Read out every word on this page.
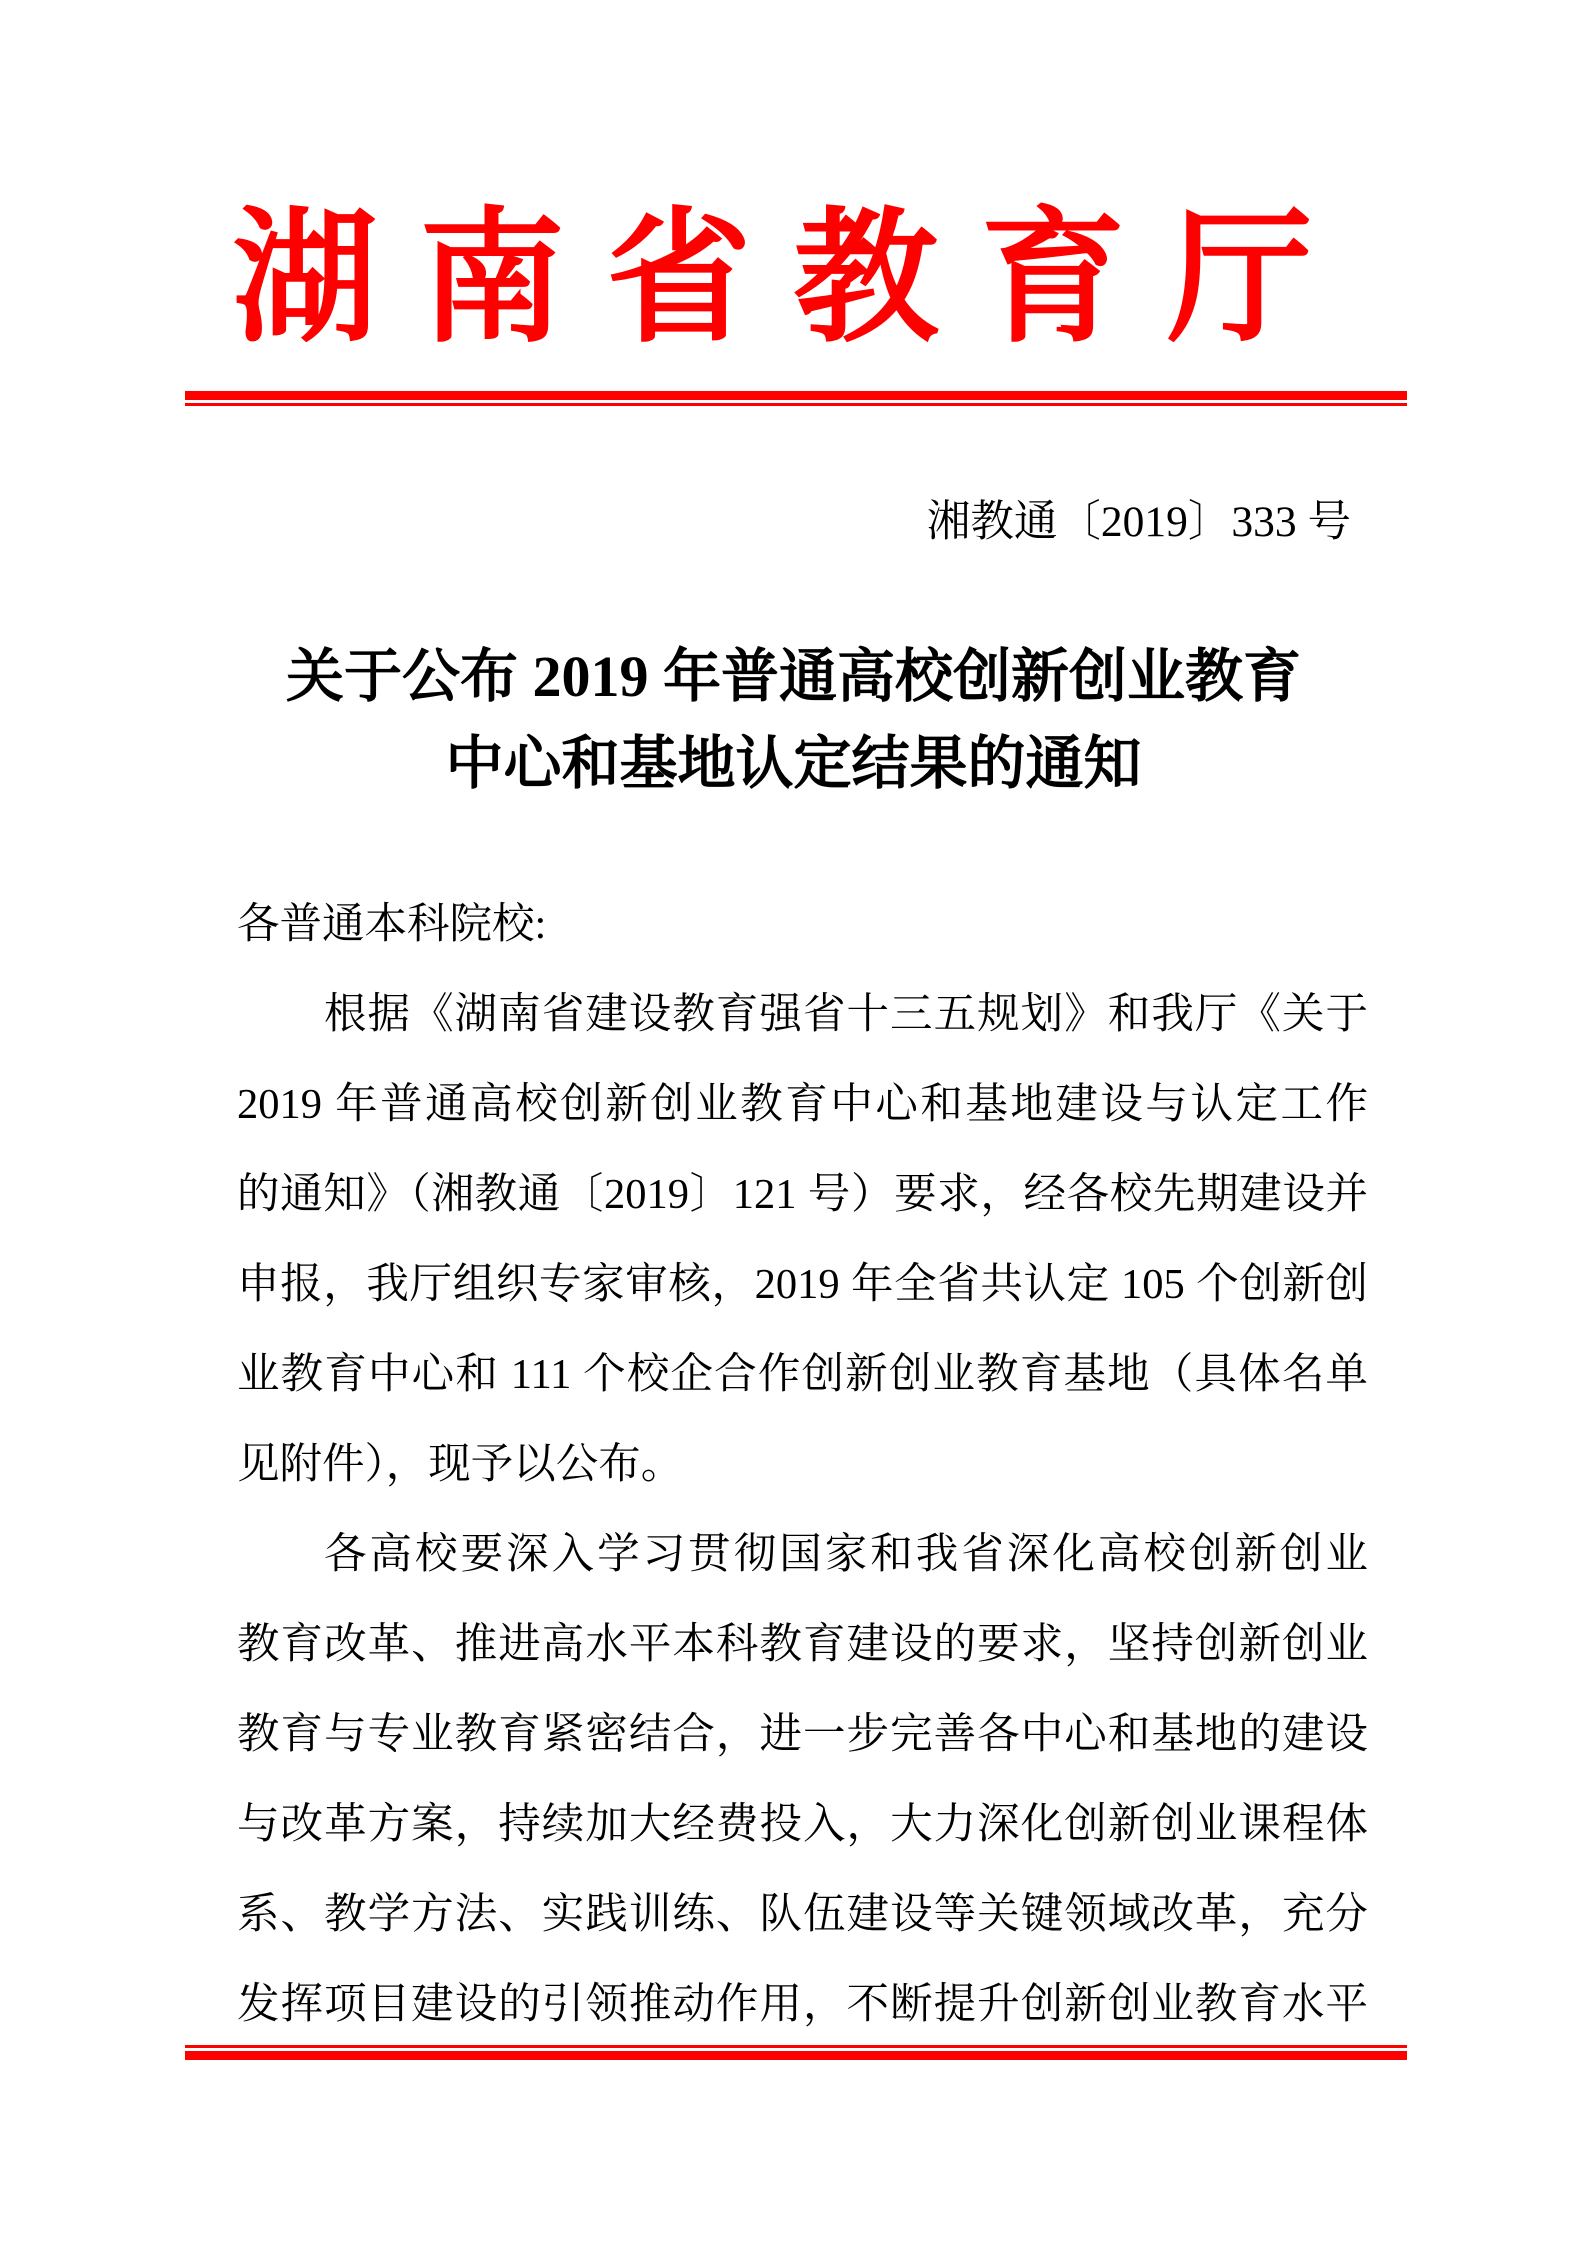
湖南省教育厅
湘教通〔2019〕333 号
关于公布 2019 年普通高校创新创业教育
中心和基地认定结果的通知
各普通本科院校:
根据《湖南省建设教育强省十三五规划》和我厅《关于
2019 年普通高校创新创业教育中心和基地建设与认定工作
的通知》（湘教通〔2019〕121 号）要求，经各校先期建设并
申报，我厅组织专家审核，2019 年全省共认定 105 个创新创
业教育中心和 111 个校企合作创新创业教育基地（具体名单
见附件），现予以公布。
各高校要深入学习贯彻国家和我省深化高校创新创业
教育改革、推进高水平本科教育建设的要求，坚持创新创业
教育与专业教育紧密结合，进一步完善各中心和基地的建设
与改革方案，持续加大经费投入，大力深化创新创业课程体
系、教学方法、实践训练、队伍建设等关键领域改革，充分
发挥项目建设的引领推动作用，不断提升创新创业教育水平
